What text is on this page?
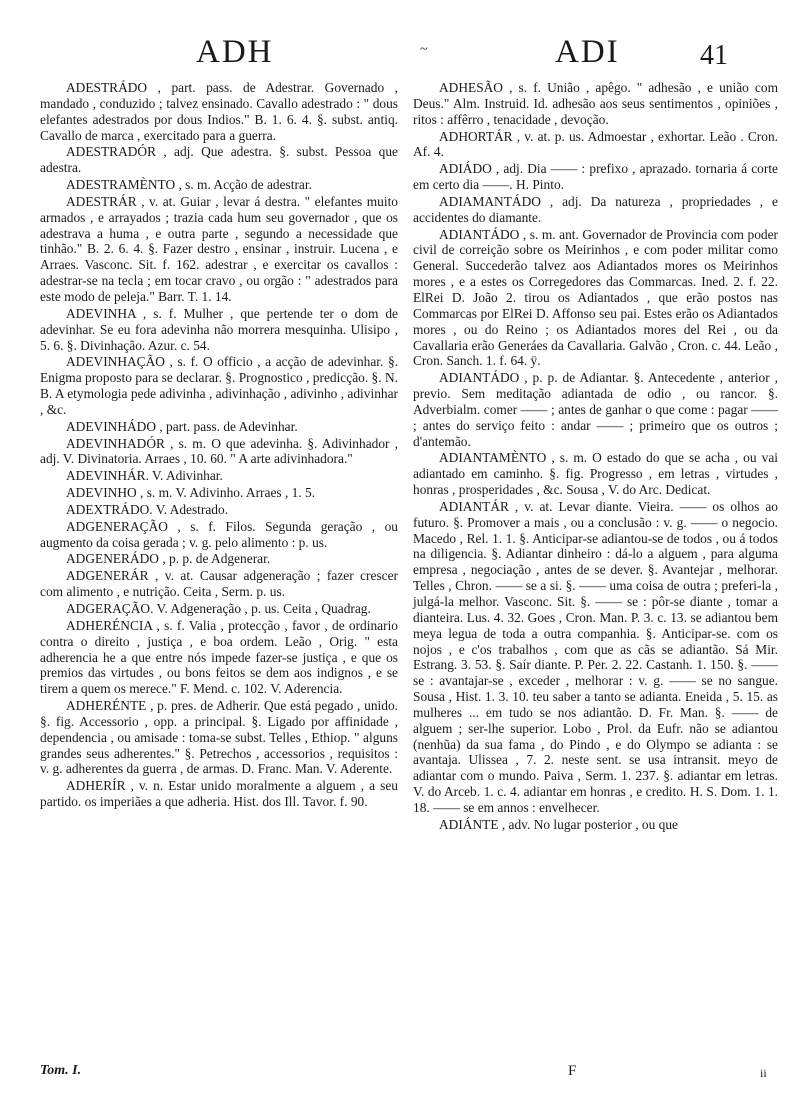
ADH	~	ADI	41

ADESTRÁDO , part. pass. de Adestrar. Governado , mandado , conduzido ; talvez ensinado. Cavallo adestrado : " dous elefantes adestrados por dous Indios." B. 1. 6. 4. §. subst. antiq. Cavallo de marca , exercitado para a guerra.

ADESTRADÓR , adj. Que adestra. §. subst. Pessoa que adestra.

ADESTRAMÈNTO , s. m. Acção de adestrar.

ADESTRÁR , v. at. Guiar , levar á destra. " elefantes muito armados , e arrayados ; trazia cada hum seu governador , que os adestrava a huma , e outra parte , segundo a necessidade que tinhão." B. 2. 6. 4. §. Fazer destro , ensinar , instruir. Lucena , e Arraes. Vasconc. Sit. f. 162. adestrar , e exercitar os cavallos : adestrar-se na tecla ; em tocar cravo , ou orgão : " adestrados para este modo de peleja." Barr. T. 1. 14.

ADEVINHA , s. f. Mulher , que pertende ter o dom de adevinhar. Se eu fora adevinha não morrera mesquinha. Ulisipo , 5. 6. §. Divinhação. Azur. c. 54.

ADEVINHAÇÃO , s. f. O officio , a acção de adevinhar. §. Enigma proposto para se declarar. §. Prognostico , predicção. §. N. B. A etymologia pede adivinha , adivinhação , adivinho , adivinhar , &c.

ADEVINHÁDO , part. pass. de Adevinhar.

ADEVINHADÓR , s. m. O que adevinha. §. Adivinhador , adj. V. Divinatoria. Arraes , 10. 60. " A arte adivinhadora."

ADEVINHÁR. V. Adivinhar.

ADEVINHO , s. m. V. Adivinho. Arraes , 1. 5.

ADEXTRÁDO. V. Adestrado.

ADGENERAÇÃO , s. f. Filos. Segunda geração , ou augmento da coisa gerada ; v. g. pelo alimento : p. us.

ADGENERÁDO , p. p. de Adgenerar.

ADGENERÁR , v. at. Causar adgeneração ; fazer crescer com alimento , e nutrição. Ceita , Serm. p. us.

ADGERAÇÃO. V. Adgeneração , p. us. Ceita , Quadrag.

ADHERÉNCIA , s. f. Valia , protecção , favor , de ordinario contra o direito , justiça , e boa ordem. Leão , Orig. " esta adherencia he a que entre nós impede fazer-se justiça , e que os premios das virtudes , ou bons feitos se dem aos indignos , e se tirem a quem os merece." F. Mend. c. 102. V. Aderencia.

ADHERÉNTE , p. pres. de Adherir. Que está pegado , unido. §. fig. Accessorio , opp. a principal. §. Ligado por affinidade , dependencia , ou amisade : toma-se subst. Telles , Ethiop. " alguns grandes seus adherentes." §. Petrechos , accessorios , requisitos : v. g. adherentes da guerra , de armas. D. Franc. Man. V. Aderente.

ADHERÍR , v. n. Estar unido moralmente a alguem , a seu partido. os imperiães a que adheria. Hist. dos Ill. Tavor. f. 90.

ADHESÃO , s. f. União , apêgo. " adhesão , e união com Deus." Alm. Instruid. Id. adhesão aos seus sentimentos , opiniões , ritos : affêrro , tenacidade , devoção.

ADHORTÁR , v. at. p. us. Admoestar , exhortar. Leão . Cron. Af. 4.

ADIÁDO , adj. Dia —— : prefixo , aprazado. tornaria á corte em certo dia ——. H. Pinto.

ADIAMANTÁDO , adj. Da natureza , propriedades , e accidentes do diamante.

ADIANTÁDO , s. m. ant. Governador de Provincia com poder civil de correição sobre os Meirinhos , e com poder militar como General. Succederão talvez aos Adiantados mores os Meirinhos mores , e a estes os Corregedores das Commarcas. Ined. 2. f. 22. ElRei D. João 2. tirou os Adiantados , que erão postos nas Commarcas por ElRei D. Affonso seu pai. Estes erão os Adiantados mores , ou do Reino ; os Adiantados mores del Rei , ou da Cavallaria erão Generáes da Cavallaria. Galvão , Cron. c. 44. Leão , Cron. Sanch. 1. f. 64. ÿ.

ADIANTÁDO , p. p. de Adiantar. §. Antecedente , anterior , previo. Sem meditação adiantada de odio , ou rancor. §. Adverbialm. comer —— ; antes de ganhar o que come : pagar —— ; antes do serviço feito : andar —— ; primeiro que os outros ; d'antemão.

ADIANTAMÈNTO , s. m. O estado do que se acha , ou vai adiantado em caminho. §. fig. Progresso , em letras , virtudes , honras , prosperidades , &c. Sousa , V. do Arc. Dedicat.

ADIANTÁR , v. at. Levar diante. Vieira. —— os olhos ao futuro. §. Promover a mais , ou a conclusão : v. g. —— o negocio. Macedo , Rel. 1. 1. §. Anticipar-se adiantou-se de todos , ou á todos na diligencia. §. Adiantar dinheiro : dá-lo a alguem , para alguma empresa , negociação , antes de se dever. §. Avantejar , melhorar. Telles , Chron. —— se a si. §. —— uma coisa de outra ; preferi-la , julgá-la melhor. Vasconc. Sit. §. —— se : pôr-se diante , tomar a dianteira. Lus. 4. 32. Goes , Cron. Man. P. 3. c. 13. se adiantou bem meya legua de toda a outra companhia. §. Anticipar-se. com os nojos , e c'os trabalhos , com que as cãs se adiantão. Sá Mir. Estrang. 3. 53. §. Saír diante. P. Per. 2. 22. Castanh. 1. 150. §. —— se : avantajar-se , exceder , melhorar : v. g. —— se no sangue. Sousa , Hist. 1. 3. 10. teu saber a tanto se adianta. Eneida , 5. 15. as mulheres ... em tudo se nos adiantão. D. Fr. Man. §. —— de alguem ; ser-lhe superior. Lobo , Prol. da Eufr. não se adiantou (nenhũa) da sua fama , do Pindo , e do Olympo se adianta : se avantaja. Ulissea , 7. 2. neste sent. se usa intransit. meyo de adiantar com o mundo. Paiva , Serm. 1. 237. §. adiantar em letras. V. do Arceb. 1. c. 4. adiantar em honras , e credito. H. S. Dom. 1. 1. 18. —— se em annos : envelhecer.

ADIÁNTE , adv. No lugar posterior , ou que

Tom. I.	F	ii
